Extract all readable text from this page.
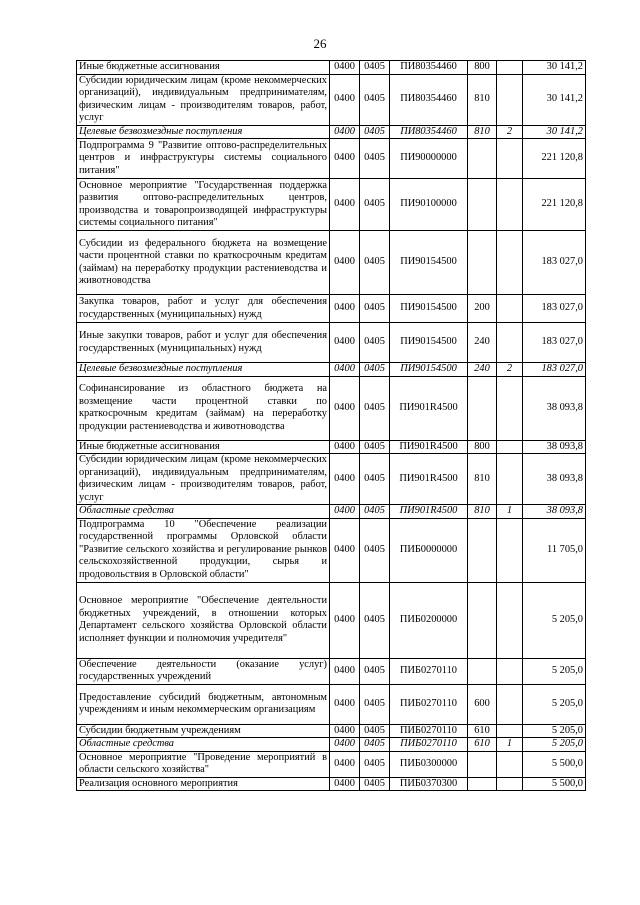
26
Иные бюджетные ассигнования	0400	0405	ПИ80354460	800		30 141,2
Субсидии юридическим лицам (кроме некоммерческих организаций), индивидуальным предпринимателям, физическим лицам - производителям товаров, работ, услуг	0400	0405	ПИ80354460	810		30 141,2
Целевые безвозмездные поступления	0400	0405	ПИ80354460	810	2	30 141,2
Подпрограмма 9 "Развитие оптово-распределительных центров и инфраструктуры системы социального питания"	0400	0405	ПИ90000000			221 120,8
Основное мероприятие "Государственная поддержка развития оптово-распределительных центров, производства и товаропроизводящей инфраструктуры системы социального питания"	0400	0405	ПИ90100000			221 120,8
Субсидии из федерального бюджета на возмещение части процентной ставки по краткосрочным кредитам (займам) на переработку продукции растениеводства и животноводства	0400	0405	ПИ90154500			183 027,0
Закупка товаров, работ и услуг для обеспечения государственных (муниципальных) нужд	0400	0405	ПИ90154500	200		183 027,0
Иные закупки товаров, работ и услуг для обеспечения государственных (муниципальных) нужд	0400	0405	ПИ90154500	240		183 027,0
Целевые безвозмездные поступления	0400	0405	ПИ90154500	240	2	183 027,0
Софинансирование из областного бюджета на возмещение части процентной ставки по краткосрочным кредитам (займам) на переработку продукции растениеводства и животноводства	0400	0405	ПИ901R4500			38 093,8
Иные бюджетные ассигнования	0400	0405	ПИ901R4500	800		38 093,8
Субсидии юридическим лицам (кроме некоммерческих организаций), индивидуальным предпринимателям, физическим лицам - производителям товаров, работ, услуг	0400	0405	ПИ901R4500	810		38 093,8
Областные средства	0400	0405	ПИ901R4500	810	1	38 093,8
Подпрограмма 10 "Обеспечение реализации государственной программы Орловской области "Развитие сельского хозяйства и регулирование рынков сельскохозяйственной продукции, сырья и продовольствия в Орловской области"	0400	0405	ПИБ0000000			11 705,0
Основное мероприятие "Обеспечение деятельности бюджетных учреждений, в отношении которых Департамент сельского хозяйства Орловской области исполняет функции и полномочия учредителя"	0400	0405	ПИБ0200000			5 205,0
Обеспечение деятельности (оказание услуг) государственных учреждений	0400	0405	ПИБ0270110			5 205,0
Предоставление субсидий бюджетным, автономным учреждениям и иным некоммерческим организациям	0400	0405	ПИБ0270110	600		5 205,0
Субсидии бюджетным учреждениям	0400	0405	ПИБ0270110	610		5 205,0
Областные средства	0400	0405	ПИБ0270110	610	1	5 205,0
Основное мероприятие "Проведение мероприятий в области сельского хозяйства"	0400	0405	ПИБ0300000			5 500,0
Реализация основного мероприятия	0400	0405	ПИБ0370300			5 500,0
